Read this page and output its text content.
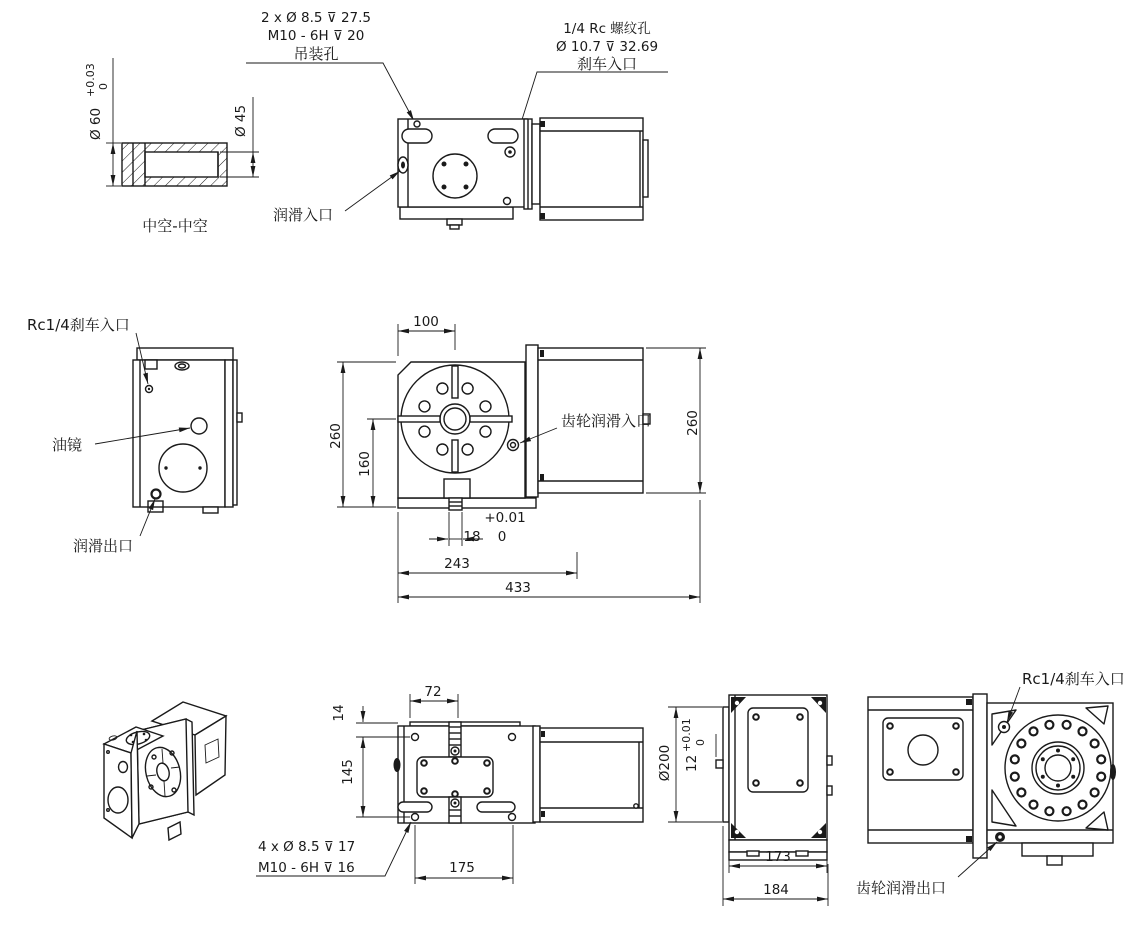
Ø 60
+0.03 0
Ø 45
中空-中空
2 x Ø 8.5 ⊽ 27.5
M10 - 6H ⊽ 20
吊装孔
1/4 Rc 螺纹孔
Ø 10.7 ⊽ 32.69
刹车入口
润滑入口
Rc1/4刹车入口
油镜
润滑出口
齿轮润滑入口
100
260
160
18
+0.01
0
243
433
260
72
14
145
175
4 x Ø 8.5 ⊽ 17
M10 - 6H ⊽ 16
Ø200 12
+0.01 0
173
184
Rc1/4刹车入口
齿轮润滑出口
